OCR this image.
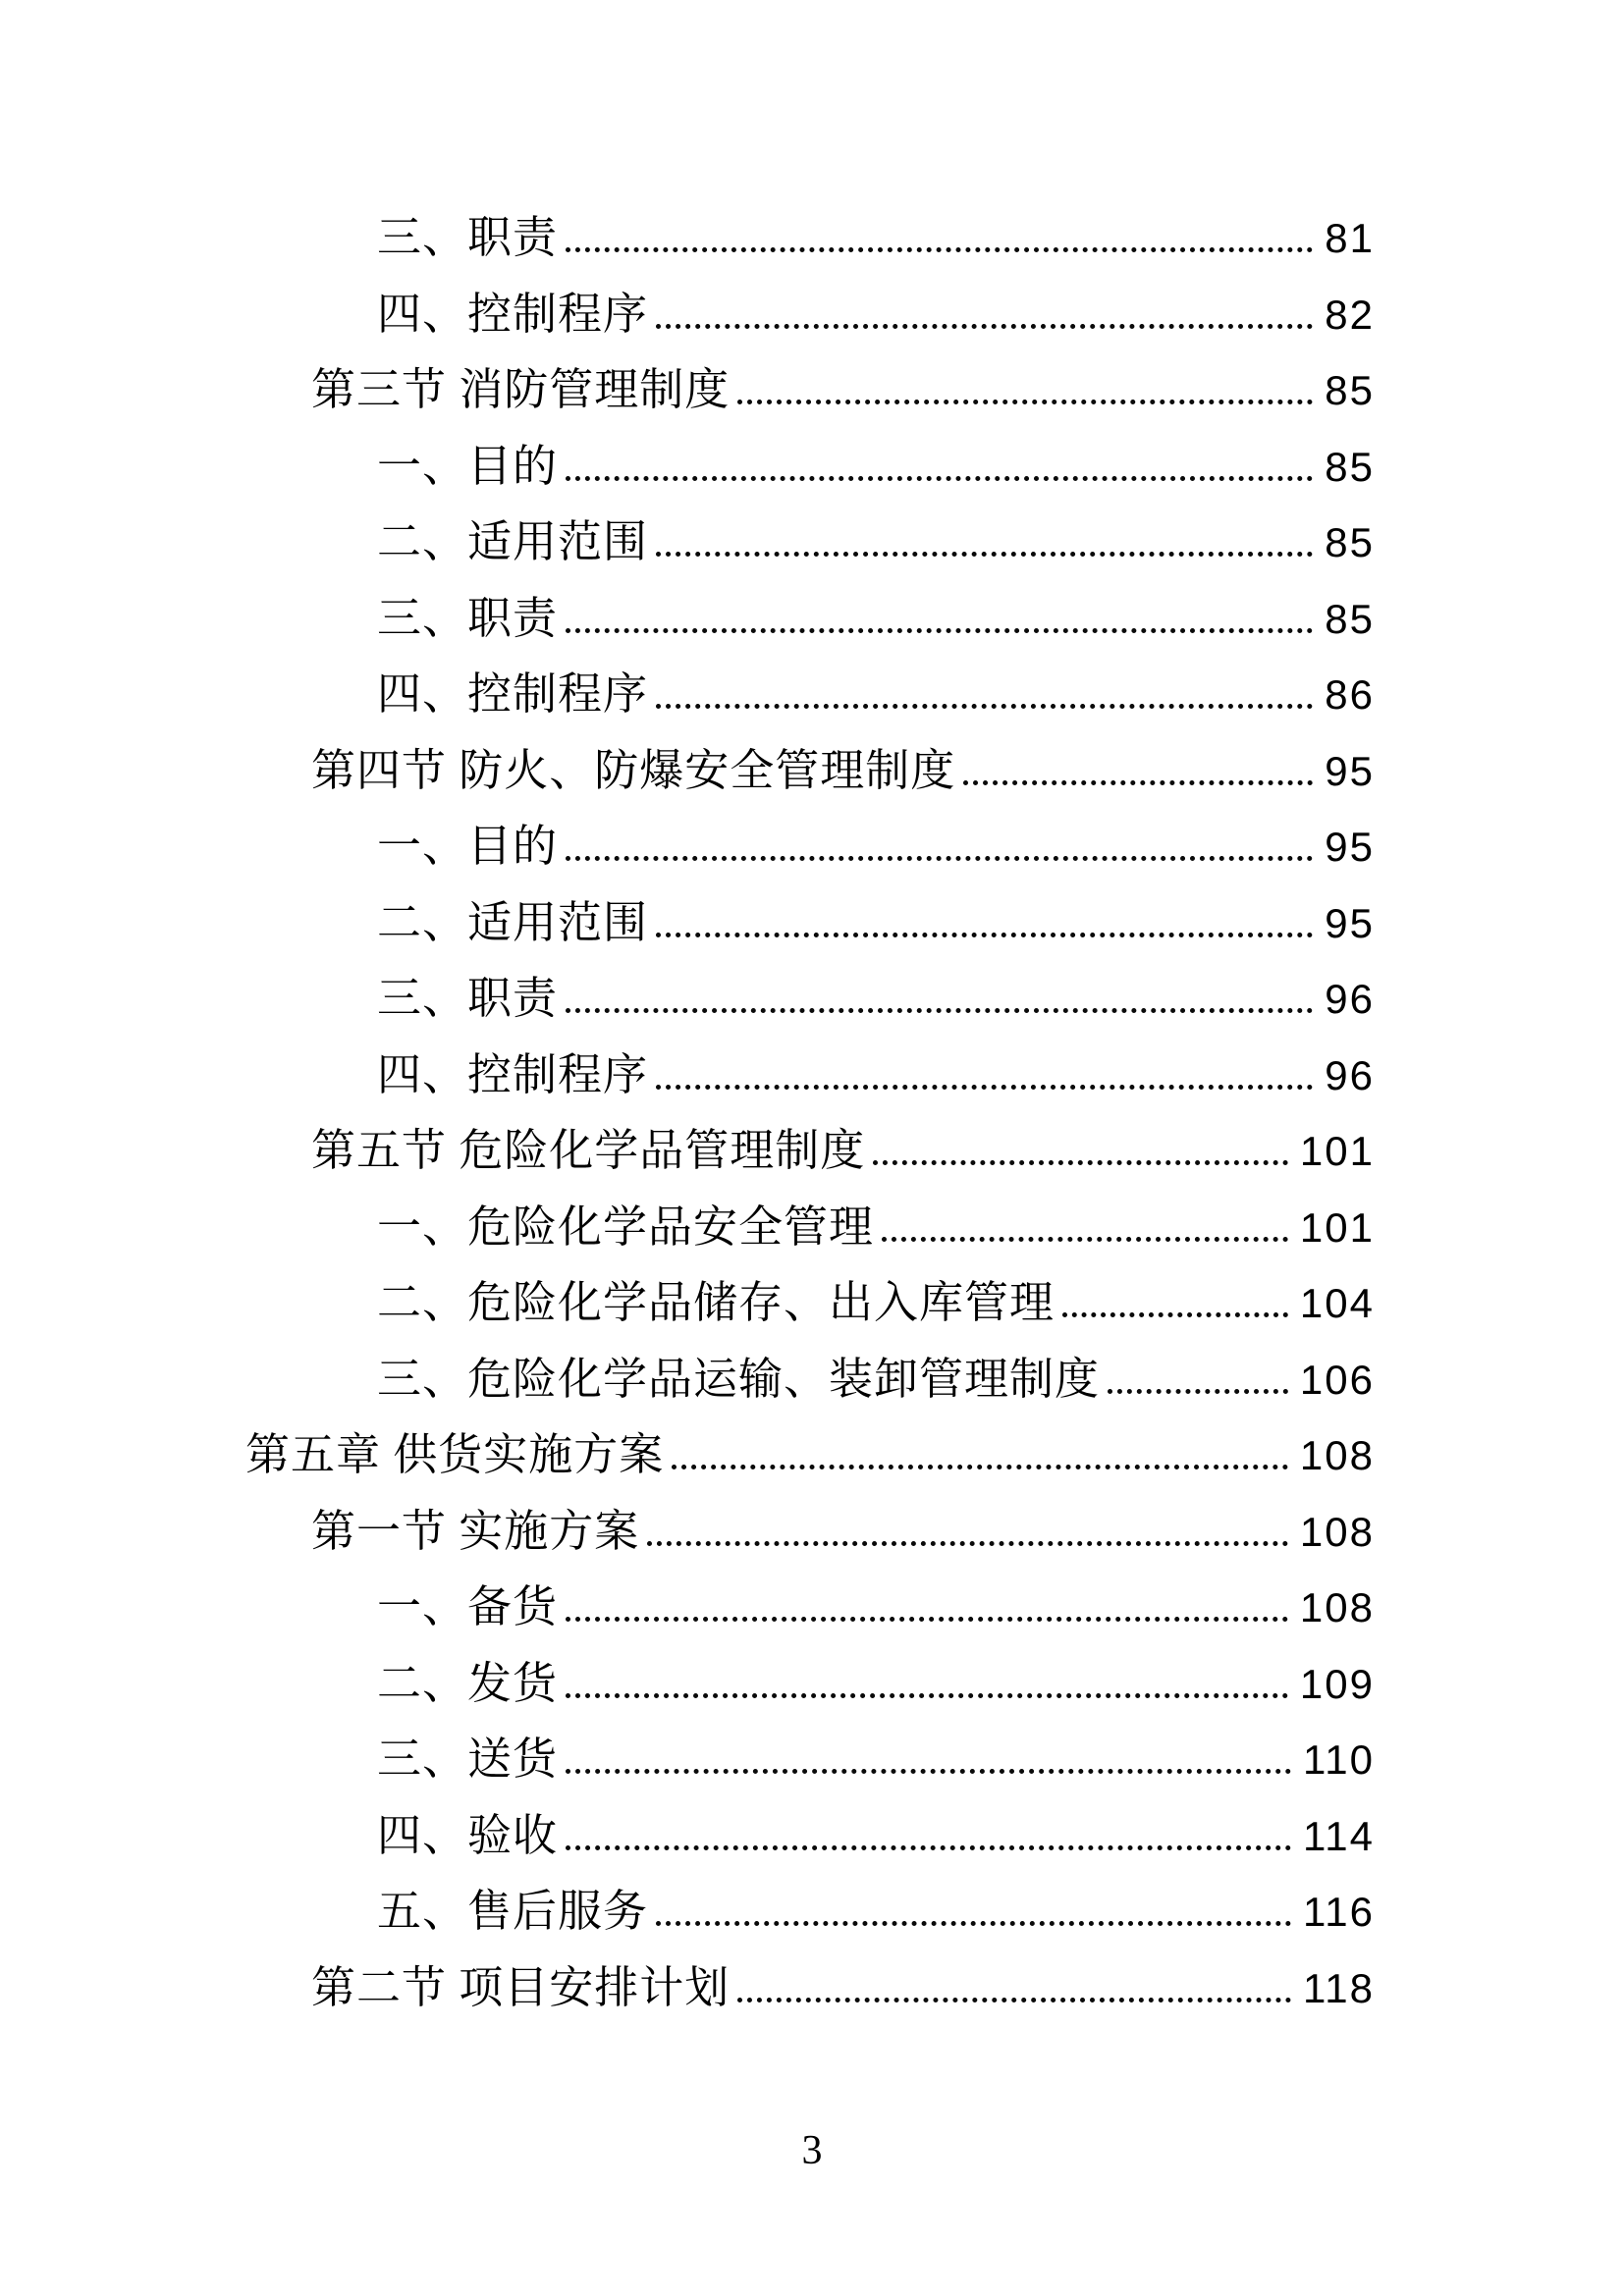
三、职责	81
四、控制程序	82
第三节 消防管理制度	85
一、目的	85
二、适用范围	85
三、职责	85
四、控制程序	86
第四节 防火、防爆安全管理制度	95
一、目的	95
二、适用范围	95
三、职责	96
四、控制程序	96
第五节 危险化学品管理制度	101
一、危险化学品安全管理	101
二、危险化学品储存、出入库管理	104
三、危险化学品运输、装卸管理制度	106
第五章 供货实施方案	108
第一节 实施方案	108
一、备货	108
二、发货	109
三、送货	110
四、验收	114
五、售后服务	116
第二节 项目安排计划	118
3
